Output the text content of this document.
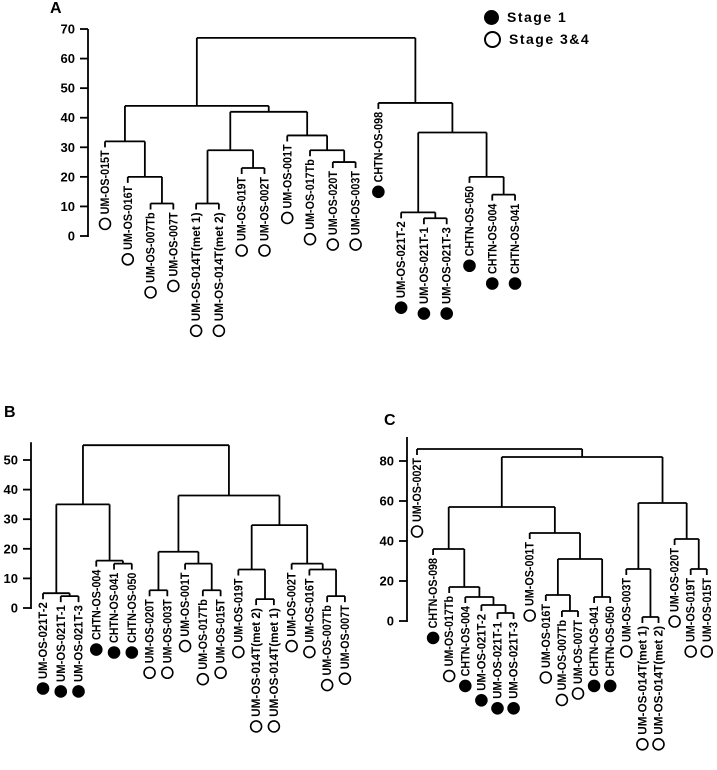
0
10
20
30
40
50
60
70
UM-OS-015T
UM-OS-016T UM-OS-007Tb UM-OS-007T UM-OS-014T(met 1) UM-OS-014T(met 2)
UM-OS-019T UM-OS-002T UM-OS-001T UM-OS-017Tb UM-OS-020T UM-OS-003T
CHTN-OS-098
UM-OS-021T-2 UM-OS-021T-1 UM-OS-021T-3
CHTN-OS-050 CHTN-OS-004 CHTN-OS-041
0
10
20
30
40
50
UM-OS-021T-2 UM-OS-021T-1 UM-OS-021T-3
CHTN-OS-004 CHTN-OS-041 CHTN-OS-050 UM-OS-020T UM-OS-003T UM-OS-001T UM-OS-017Tb UM-OS-015T UM-OS-019T
UM-OS-014T(met 2) UM-OS-014T(met 1)
UM-OS-002T UM-OS-016T UM-OS-007Tb UM-OS-007T	0
20
40
60
80 UM-OS-002T
CHTN-OS-098
UM-OS-017Tb CHTN-OS-004 UM-OS-021T-2 UM-OS-021T-1 UM-OS-021T-3
UM-OS-001T
UM-OS-016T UM-OS-007Tb UM-OS-007T CHTN-OS-041 CHTN-OS-050 UM-OS-003T
UM-OS-014T(met 1) UM-OS-014T(met 2)
UM-OS-020T UM-OS-019T UM-OS-015T
A
B	C
Stage 1
Stage 3&4
